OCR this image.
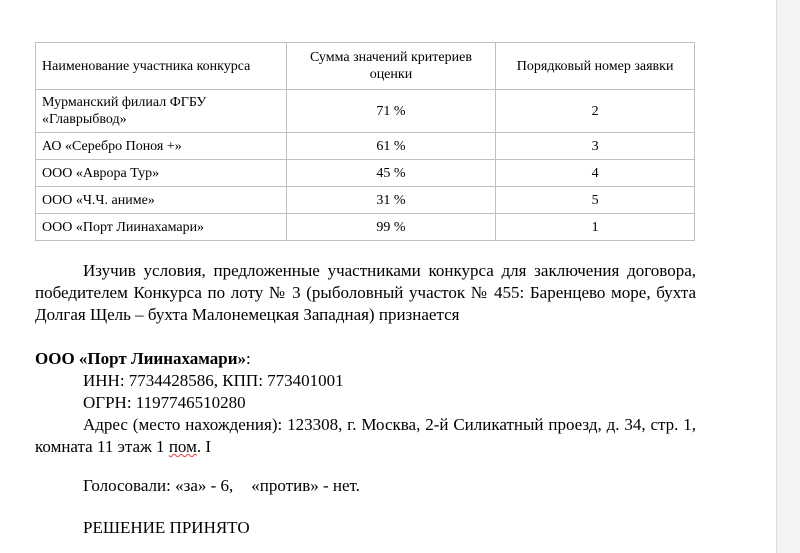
Наименование участника конкурса	Сумма значений критериев оценки	Порядковый номер заявки
Мурманский филиал ФГБУ «Главрыбвод»	71 %	2
АО «Серебро Поноя +»	61 %	3
ООО «Аврора Тур»	45 %	4
ООО «Ч.Ч. аниме»	31 %	5
ООО «Порт Лиинахамари»	99 %	1
Изучив условия, предложенные участниками конкурса для заключения договора, победителем Конкурса по лоту № 3 (рыболовный участок № 455: Баренцево море, бухта Долгая Щель – бухта Малонемецкая Западная) признается
ООО «Порт Лиинахамари»:
ИНН: 7734428586, КПП: 773401001
ОГРН: 1197746510280
Адрес (место нахождения): 123308, г. Москва, 2-й Силикатный проезд, д. 34, стр. 1, комната 11 этаж 1 пом. I
Голосовали: «за» - 6, «против» - нет.
РЕШЕНИЕ ПРИНЯТО
